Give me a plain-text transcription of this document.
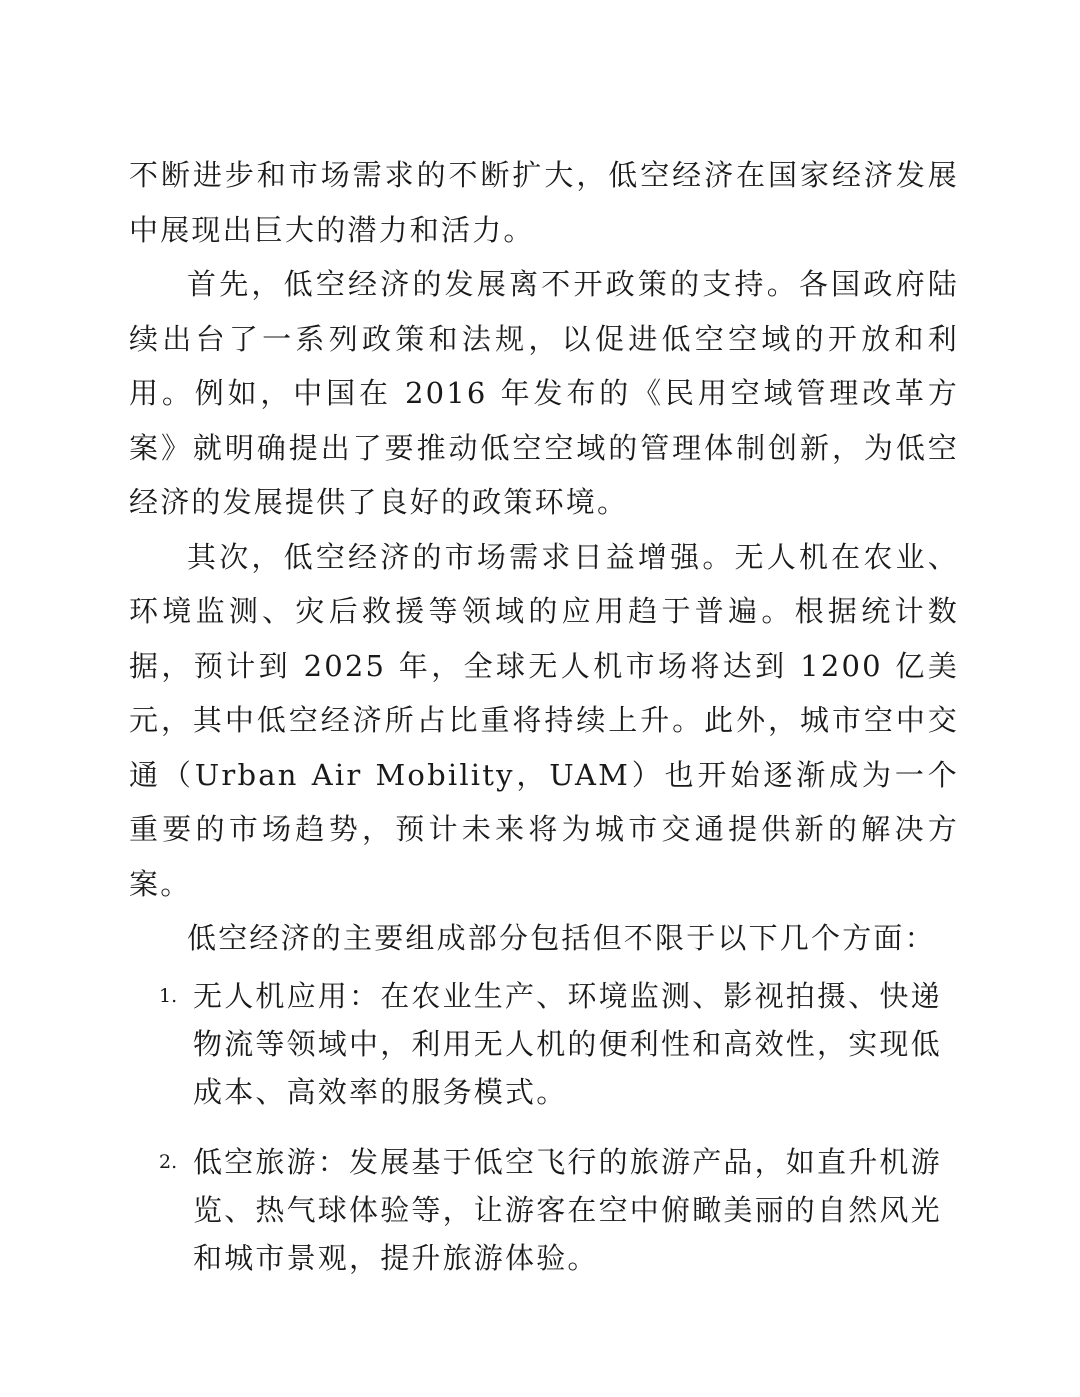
不断进步和市场需求的不断扩大，低空经济在国家经济发展中展现出巨大的潜力和活力。

首先，低空经济的发展离不开政策的支持。各国政府陆续出台了一系列政策和法规，以促进低空空域的开放和利用。例如，中国在 2016 年发布的《民用空域管理改革方案》就明确提出了要推动低空空域的管理体制创新，为低空经济的发展提供了良好的政策环境。

其次，低空经济的市场需求日益增强。无人机在农业、环境监测、灾后救援等领域的应用趋于普遍。根据统计数据，预计到 2025 年，全球无人机市场将达到 1200 亿美元，其中低空经济所占比重将持续上升。此外，城市空中交通（Urban Air Mobility，UAM）也开始逐渐成为一个重要的市场趋势，预计未来将为城市交通提供新的解决方案。

低空经济的主要组成部分包括但不限于以下几个方面：

1. 无人机应用：在农业生产、环境监测、影视拍摄、快递物流等领域中，利用无人机的便利性和高效性，实现低成本、高效率的服务模式。
2. 低空旅游：发展基于低空飞行的旅游产品，如直升机游览、热气球体验等，让游客在空中俯瞰美丽的自然风光和城市景观，提升旅游体验。
